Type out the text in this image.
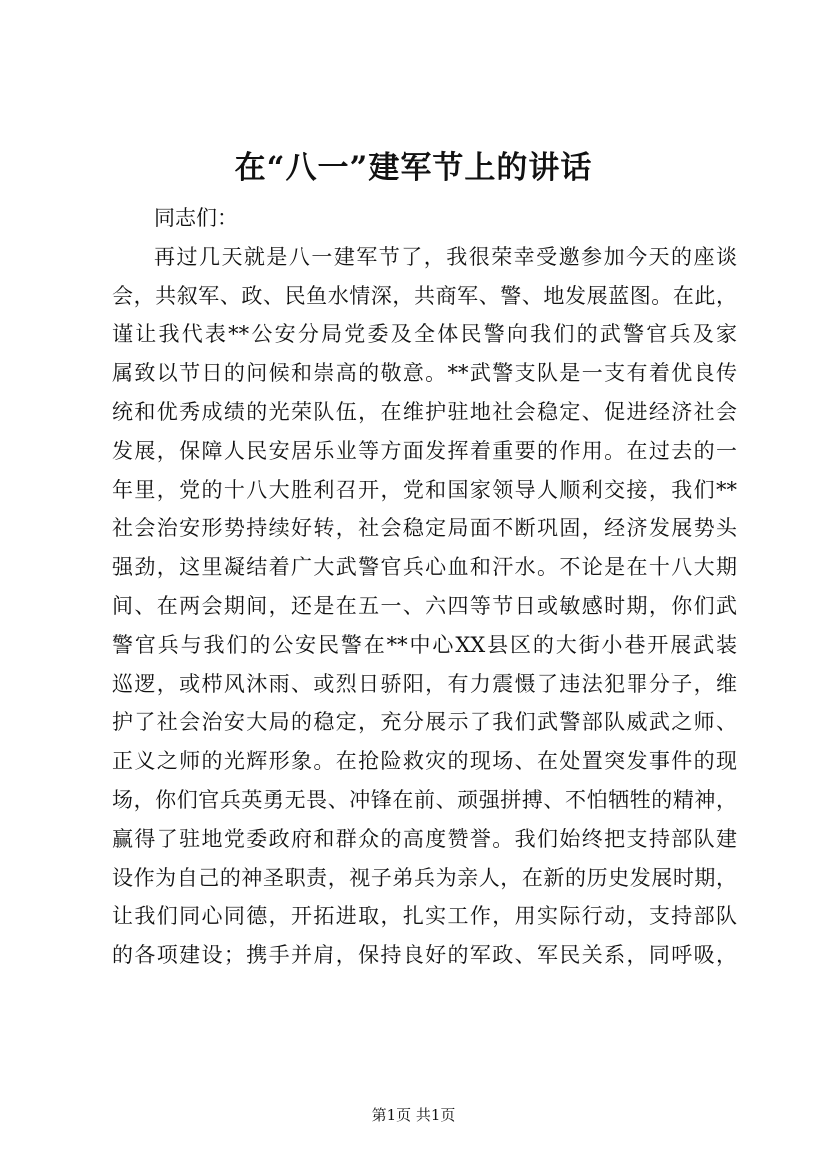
在“八一”建军节上的讲话
同志们：
再过几天就是八一建军节了，我很荣幸受邀参加今天的座谈
会，共叙军、政、民鱼水情深，共商军、警、地发展蓝图。在此，
谨让我代表**公安分局党委及全体民警向我们的武警官兵及家
属致以节日的问候和崇高的敬意。**武警支队是一支有着优良传
统和优秀成绩的光荣队伍，在维护驻地社会稳定、促进经济社会
发展，保障人民安居乐业等方面发挥着重要的作用。在过去的一
年里，党的十八大胜利召开，党和国家领导人顺利交接，我们**
社会治安形势持续好转，社会稳定局面不断巩固，经济发展势头
强劲，这里凝结着广大武警官兵心血和汗水。不论是在十八大期
间、在两会期间，还是在五一、六四等节日或敏感时期，你们武
警官兵与我们的公安民警在**中心XX县区的大街小巷开展武装
巡逻，或栉风沐雨、或烈日骄阳，有力震慑了违法犯罪分子，维
护了社会治安大局的稳定，充分展示了我们武警部队威武之师、
正义之师的光辉形象。在抢险救灾的现场、在处置突发事件的现
场，你们官兵英勇无畏、冲锋在前、顽强拼搏、不怕牺牲的精神，
赢得了驻地党委政府和群众的高度赞誉。我们始终把支持部队建
设作为自己的神圣职责，视子弟兵为亲人，在新的历史发展时期，
让我们同心同德，开拓进取，扎实工作，用实际行动，支持部队
的各项建设；携手并肩，保持良好的军政、军民关系，同呼吸，
第1页 共1页
